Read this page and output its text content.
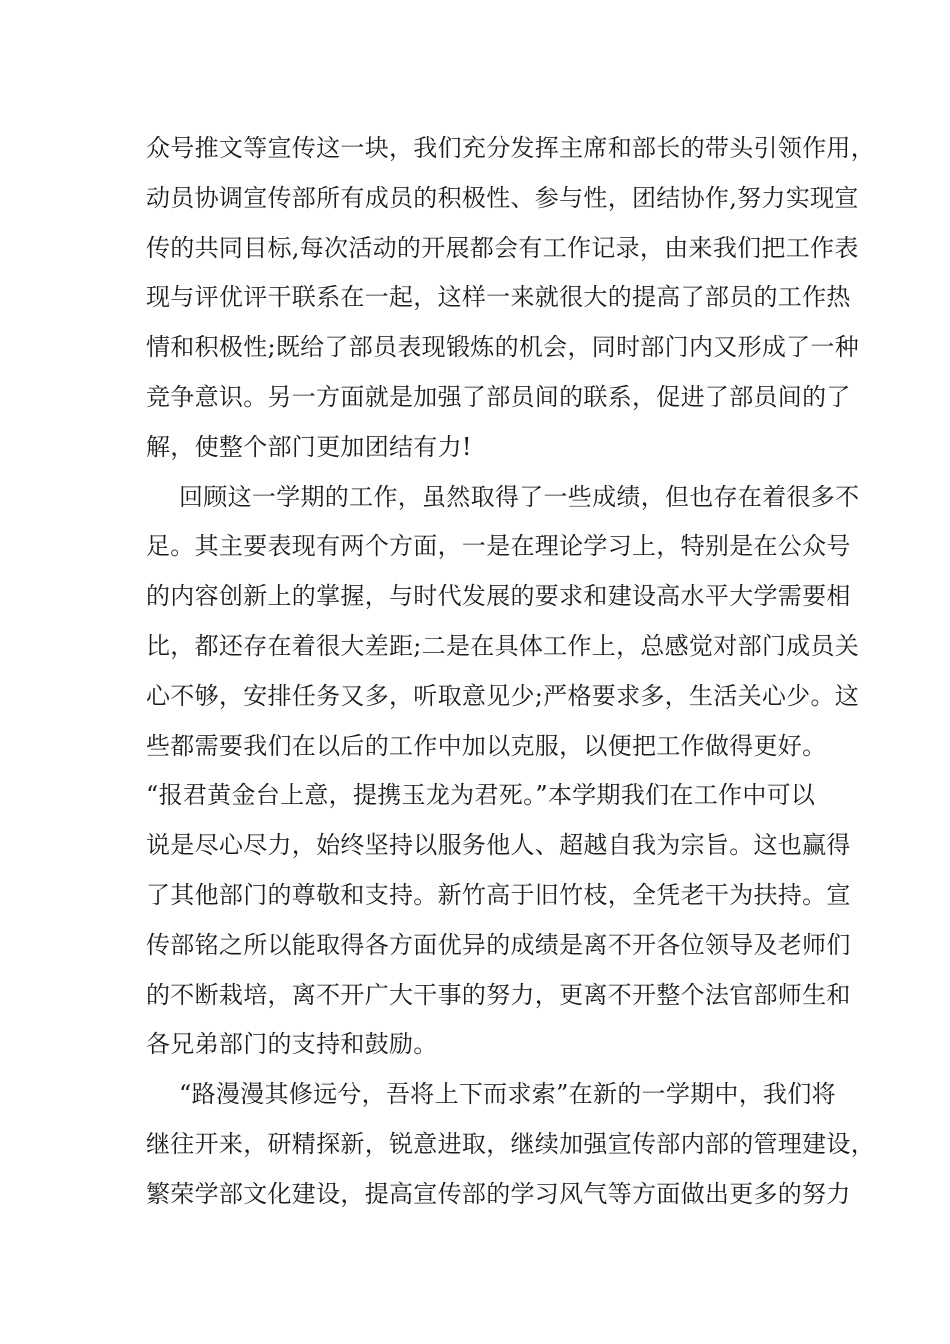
众号推文等宣传这一块，我们充分发挥主席和部长的带头引领作用，
动员协调宣传部所有成员的积极性、参与性，团结协作,努力实现宣
传的共同目标,每次活动的开展都会有工作记录，由来我们把工作表
现与评优评干联系在一起，这样一来就很大的提高了部员的工作热
情和积极性;既给了部员表现锻炼的机会，同时部门内又形成了一种
竞争意识。另一方面就是加强了部员间的联系，促进了部员间的了
解，使整个部门更加团结有力!
回顾这一学期的工作，虽然取得了一些成绩，但也存在着很多不
足。其主要表现有两个方面，一是在理论学习上，特别是在公众号
的内容创新上的掌握，与时代发展的要求和建设高水平大学需要相
比，都还存在着很大差距;二是在具体工作上，总感觉对部门成员关
心不够，安排任务又多，听取意见少;严格要求多，生活关心少。这
些都需要我们在以后的工作中加以克服，以便把工作做得更好。
“报君黄金台上意，提携玉龙为君死。”本学期我们在工作中可以
说是尽心尽力，始终坚持以服务他人、超越自我为宗旨。这也赢得
了其他部门的尊敬和支持。新竹高于旧竹枝，全凭老干为扶持。宣
传部铭之所以能取得各方面优异的成绩是离不开各位领导及老师们
的不断栽培，离不开广大干事的努力，更离不开整个法官部师生和
各兄弟部门的支持和鼓励。
“路漫漫其修远兮，吾将上下而求索”在新的一学期中，我们将
继往开来，研精探新，锐意进取，继续加强宣传部内部的管理建设，
繁荣学部文化建设，提高宣传部的学习风气等方面做出更多的努力
